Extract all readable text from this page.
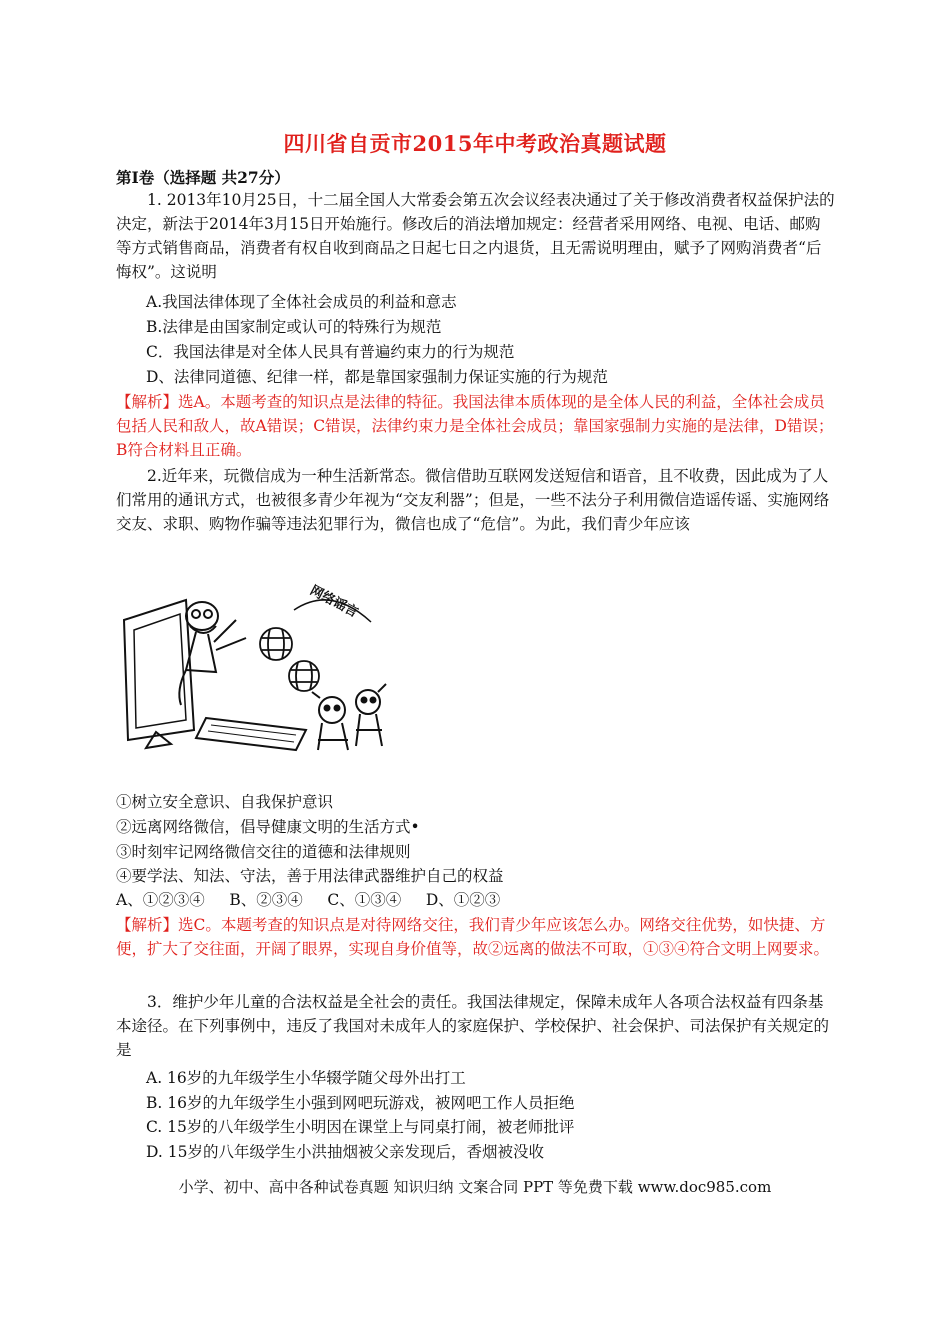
四川省自贡市2015年中考政治真题试题
第Ⅰ卷（选择题 共27分）
1. 2013年10月25日，十二届全国人大常委会第五次会议经表决通过了关于修改消费者权益保护法的决定，新法于2014年3月15日开始施行。修改后的消法增加规定：经营者采用网络、电视、电话、邮购等方式销售商品，消费者有权自收到商品之日起七日之内退货，且无需说明理由，赋予了网购消费者“后悔权”。这说明
A.我国法律体现了全体社会成员的利益和意志
B.法律是由国家制定或认可的特殊行为规范
C．我国法律是对全体人民具有普遍约束力的行为规范
D、法律同道德、纪律一样，都是靠国家强制力保证实施的行为规范
【解析】选A。本题考查的知识点是法律的特征。我国法律本质体现的是全体人民的利益，全体社会成员包括人民和敌人，故A错误；C错误，法律约束力是全体社会成员；靠国家强制力实施的是法律，D错误；B符合材料且正确。
2.近年来，玩微信成为一种生活新常态。微信借助互联网发送短信和语音，且不收费，因此成为了人们常用的通讯方式，也被很多青少年视为“交友利器”；但是，一些不法分子利用微信造谣传谣、实施网络交友、求职、购物作骗等违法犯罪行为，微信也成了“危信”。为此，我们青少年应该
网络谣言
①树立安全意识、自我保护意识
②远离网络微信，倡导健康文明的生活方式•
③时刻牢记网络微信交往的道德和法律规则
④要学法、知法、守法，善于用法律武器维护自己的权益
A、①②③④     B、②③④     C、①③④     D、①②③
【解析】选C。本题考查的知识点是对待网络交往，我们青少年应该怎么办。网络交往优势，如快捷、方便，扩大了交往面，开阔了眼界，实现自身价值等，故②远离的做法不可取，①③④符合文明上网要求。
3．维护少年儿童的合法权益是全社会的责任。我国法律规定，保障未成年人各项合法权益有四条基本途径。在下列事例中，违反了我国对未成年人的家庭保护、学校保护、社会保护、司法保护有关规定的是
A. 16岁的九年级学生小华辍学随父母外出打工
B. 16岁的九年级学生小强到网吧玩游戏，被网吧工作人员拒绝
C. 15岁的八年级学生小明因在课堂上与同桌打闹，被老师批评
D. 15岁的八年级学生小洪抽烟被父亲发现后，香烟被没收
小学、初中、高中各种试卷真题 知识归纳 文案合同 PPT 等免费下载 www.doc985.com
